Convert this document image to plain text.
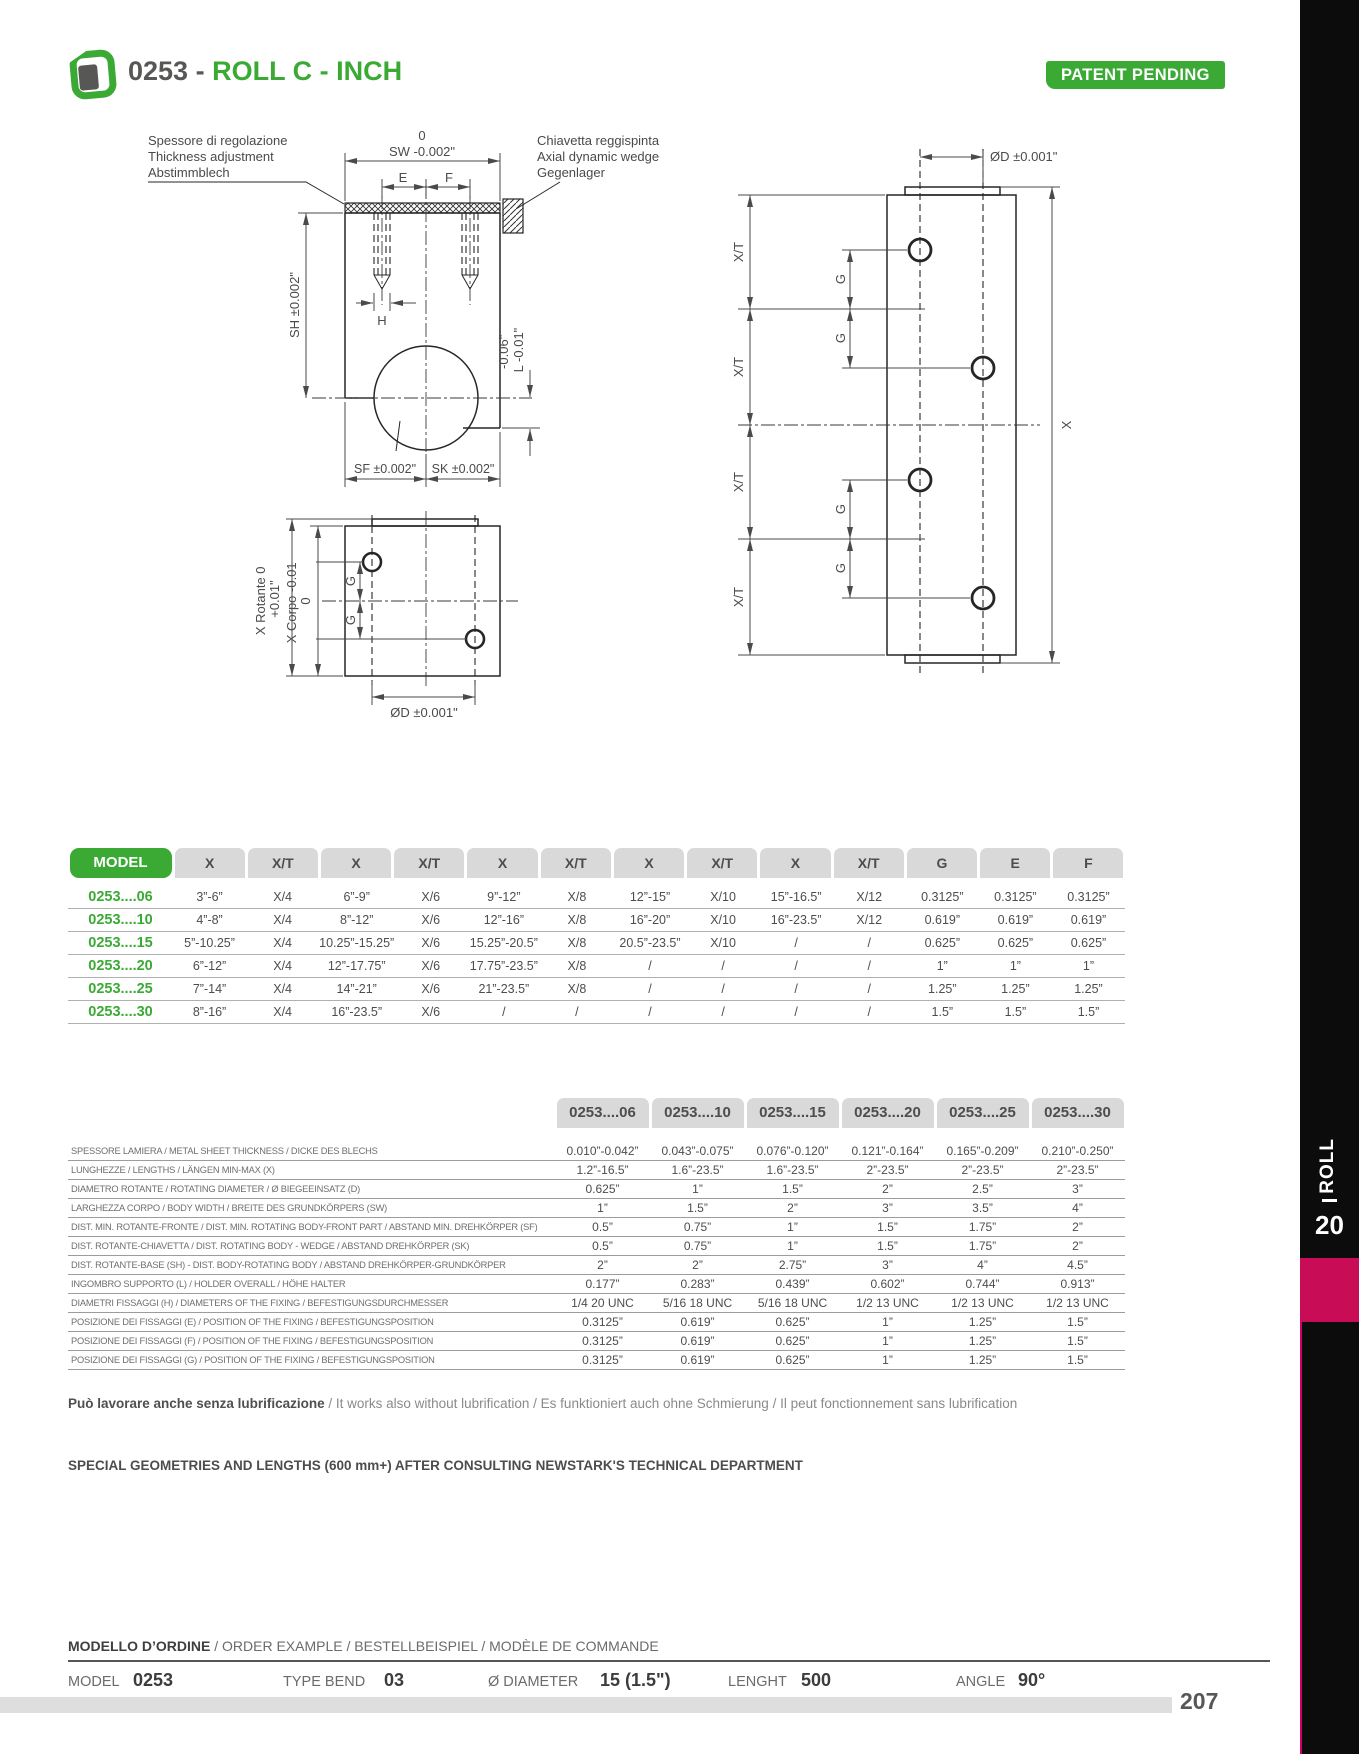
0253 - ROLL C - INCH	PATENT PENDING
Spessore di regolazione Thickness adjustment Abstimmblech
Chiavetta reggispinta Axial dynamic wedge Gegenlager
0
SW -0.002"
E	F
H
SH ±0.002"
-0.06" L -0.01"
SF ±0.002" SK ±0.002"
G
G
X Corpo -0.01 0
X Rotante 0 +0.01"
ØD ±0.001"
X/T
X/T
X/T
X/T
G
G
G
G
ØD ±0.001"
X
MODEL	X	X/T	X	X/T	X	X/T	X	X/T	X	X/T	G	E	F
0253....06	3”-6”	X/4	6”-9”	X/6	9”-12”	X/8	12”-15”	X/10	15”-16.5”	X/12	0.3125”	0.3125”	0.3125”
0253....10	4”-8”	X/4	8”-12”	X/6	12”-16”	X/8	16”-20”	X/10	16”-23.5”	X/12	0.619”	0.619”	0.619”
0253....15	5”-10.25”	X/4	10.25”-15.25”	X/6	15.25”-20.5”	X/8	20.5”-23.5”	X/10	/	/	0.625”	0.625”	0.625”
0253....20	6”-12”	X/4	12”-17.75”	X/6	17.75”-23.5”	X/8	/	/	/	/	1”	1”	1”
0253....25	7”-14”	X/4	14”-21”	X/6	21”-23.5”	X/8	/	/	/	/	1.25”	1.25”	1.25”
0253....30	8”-16”	X/4	16”-23.5”	X/6	/	/	/	/	/	/	1.5”	1.5”	1.5”
0253....06	0253....10	0253....15	0253....20	0253....25	0253....30
SPESSORE LAMIERA / METAL SHEET THICKNESS / DICKE DES BLECHS	0.010”-0.042”	0.043”-0.075”	0.076”-0.120”	0.121”-0.164”	0.165”-0.209”	0.210”-0.250”
LUNGHEZZE / LENGTHS / LÄNGEN MIN-MAX (X)	1.2”-16.5”	1.6”-23.5”	1.6”-23.5”	2”-23.5”	2”-23.5”	2”-23.5”
DIAMETRO ROTANTE / ROTATING DIAMETER / Ø BIEGEEINSATZ (D)	0.625”	1”	1.5”	2”	2.5”	3”
LARGHEZZA CORPO / BODY WIDTH / BREITE DES GRUNDKÖRPERS (SW)	1”	1.5”	2”	3”	3.5”	4”
DIST. MIN. ROTANTE-FRONTE / DIST. MIN. ROTATING BODY-FRONT PART / ABSTAND MIN. DREHKÖRPER (SF)	0.5”	0.75”	1”	1.5”	1.75”	2”
DIST. ROTANTE-CHIAVETTA / DIST. ROTATING BODY - WEDGE / ABSTAND DREHKÖRPER (SK)	0.5”	0.75”	1”	1.5”	1.75”	2”
DIST. ROTANTE-BASE (SH) - DIST. BODY-ROTATING BODY / ABSTAND DREHKÖRPER-GRUNDKÖRPER	2”	2”	2.75”	3”	4”	4.5”
INGOMBRO SUPPORTO (L) / HOLDER OVERALL / HÖHE HALTER	0.177”	0.283”	0.439”	0.602”	0.744”	0.913”
DIAMETRI FISSAGGI (H) / DIAMETERS OF THE FIXING / BEFESTIGUNGSDURCHMESSER	1/4 20 UNC	5/16 18 UNC	5/16 18 UNC	1/2 13 UNC	1/2 13 UNC	1/2 13 UNC
POSIZIONE DEI FISSAGGI (E) / POSITION OF THE FIXING / BEFESTIGUNGSPOSITION	0.3125”	0.619”	0.625”	1”	1.25”	1.5”
POSIZIONE DEI FISSAGGI (F) / POSITION OF THE FIXING / BEFESTIGUNGSPOSITION	0.3125”	0.619”	0.625”	1”	1.25”	1.5”
POSIZIONE DEI FISSAGGI (G) / POSITION OF THE FIXING / BEFESTIGUNGSPOSITION	0.3125”	0.619”	0.625”	1”	1.25”	1.5”
Può lavorare anche senza lubrificazione / It works also without lubrification / Es funktioniert auch ohne Schmierung / Il peut fonctionnement sans lubrification
SPECIAL GEOMETRIES AND LENGTHS (600 mm+) AFTER CONSULTING NEWSTARK'S TECHNICAL DEPARTMENT
MODELLO D’ORDINE / ORDER EXAMPLE / BESTELLBEISPIEL / MODÈLE DE COMMANDE
MODEL 0253	TYPE BEND 03	Ø DIAMETER 15 (1.5")	LENGHT 500	ANGLE 90°
207
ROLL
20
